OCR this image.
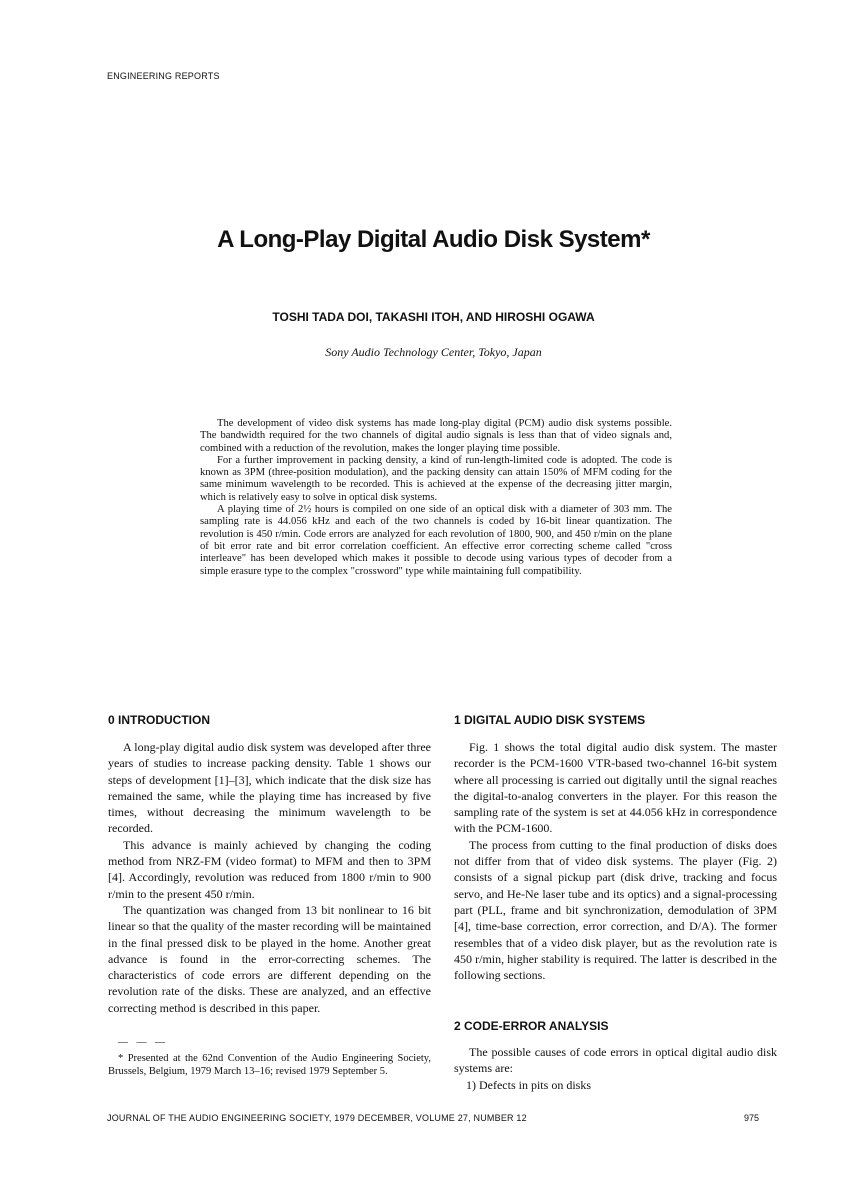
ENGINEERING REPORTS
A Long-Play Digital Audio Disk System*
TOSHI TADA DOI, TAKASHI ITOH, AND HIROSHI OGAWA
Sony Audio Technology Center, Tokyo, Japan

The development of video disk systems has made long-play digital (PCM) audio disk systems possible. The bandwidth required for the two channels of digital audio signals is less than that of video signals and, combined with a reduction of the revolution, makes the longer playing time possible.

For a further improvement in packing density, a kind of run-length-limited code is adopted. The code is known as 3PM (three-position modulation), and the packing density can attain 150% of MFM coding for the same minimum wavelength to be recorded. This is achieved at the expense of the decreasing jitter margin, which is relatively easy to solve in optical disk systems.

A playing time of 2½ hours is compiled on one side of an optical disk with a diameter of 303 mm. The sampling rate is 44.056 kHz and each of the two channels is coded by 16-bit linear quantization. The revolution is 450 r/min. Code errors are analyzed for each revolution of 1800, 900, and 450 r/min on the plane of bit error rate and bit error correlation coefficient. An effective error correcting scheme called "cross interleave" has been developed which makes it possible to decode using various types of decoder from a simple erasure type to the complex "crossword" type while maintaining full compatibility.

0 INTRODUCTION

A long-play digital audio disk system was developed after three years of studies to increase packing density. Table 1 shows our steps of development [1]–[3], which indicate that the disk size has remained the same, while the playing time has increased by five times, without decreasing the minimum wavelength to be recorded.

This advance is mainly achieved by changing the coding method from NRZ-FM (video format) to MFM and then to 3PM [4]. Accordingly, revolution was reduced from 1800 r/min to 900 r/min to the present 450 r/min.

The quantization was changed from 13 bit nonlinear to 16 bit linear so that the quality of the master recording will be maintained in the final pressed disk to be played in the home. Another great advance is found in the error-correcting schemes. The characteristics of code errors are different depending on the revolution rate of the disks. These are analyzed, and an effective correcting method is described in this paper.

1 DIGITAL AUDIO DISK SYSTEMS

Fig. 1 shows the total digital audio disk system. The master recorder is the PCM-1600 VTR-based two-channel 16-bit system where all processing is carried out digitally until the signal reaches the digital-to-analog converters in the player. For this reason the sampling rate of the system is set at 44.056 kHz in correspondence with the PCM-1600.

The process from cutting to the final production of disks does not differ from that of video disk systems. The player (Fig. 2) consists of a signal pickup part (disk drive, tracking and focus servo, and He-Ne laser tube and its optics) and a signal-processing part (PLL, frame and bit synchronization, demodulation of 3PM [4], time-base correction, error correction, and D/A). The former resembles that of a video disk player, but as the revolution rate is 450 r/min, higher stability is required. The latter is described in the following sections.

2 CODE-ERROR ANALYSIS

The possible causes of code errors in optical digital audio disk systems are:

1) Defects in pits on disks

— — —

* Presented at the 62nd Convention of the Audio Engineering Society, Brussels, Belgium, 1979 March 13–16; revised 1979 September 5.

JOURNAL OF THE AUDIO ENGINEERING SOCIETY, 1979 DECEMBER, VOLUME 27, NUMBER 12	975
